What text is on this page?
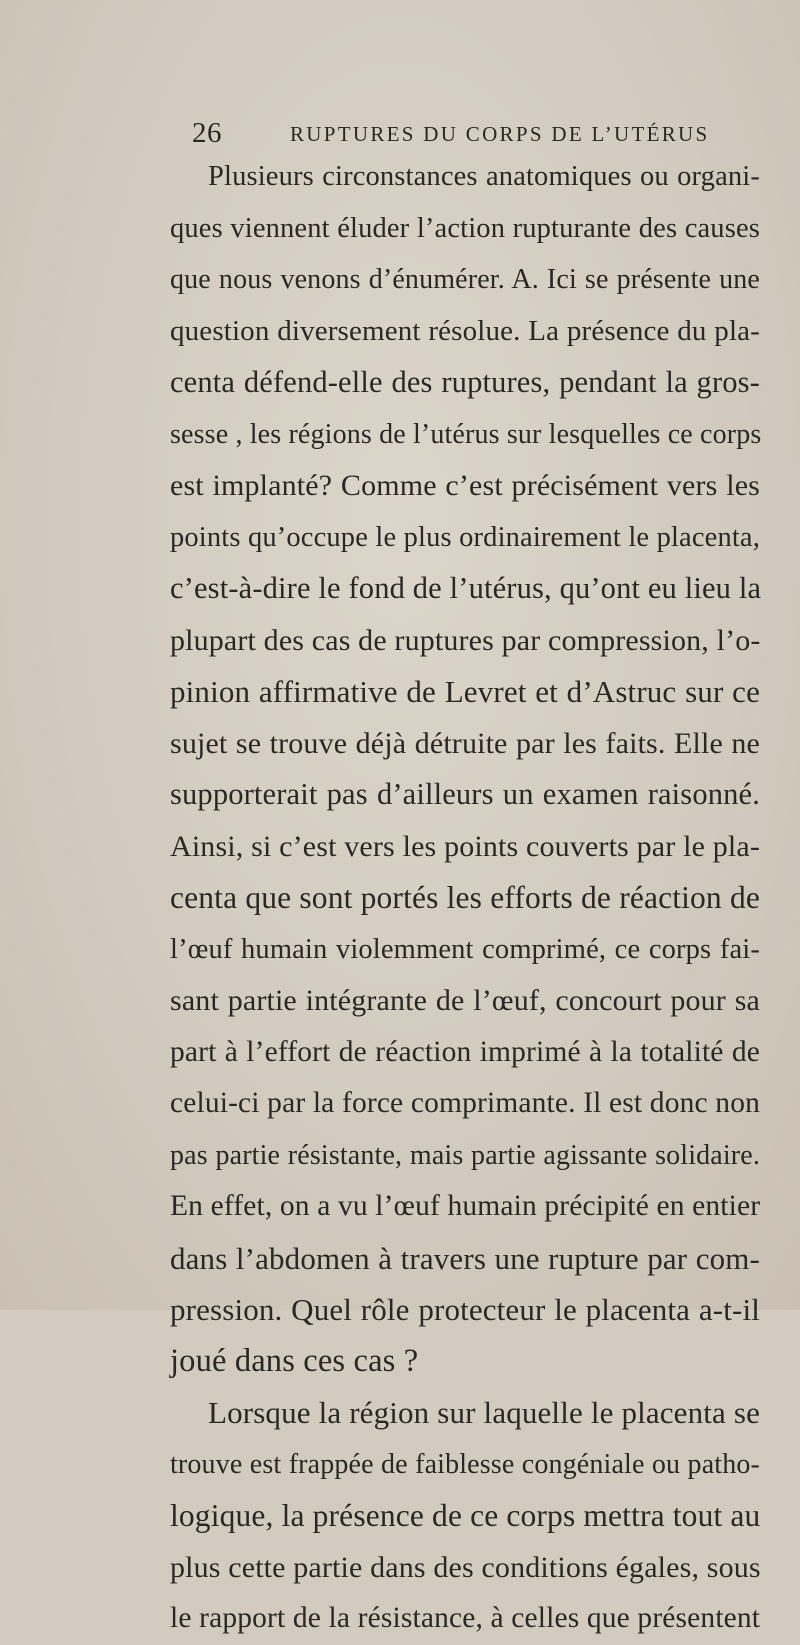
26	RUPTURES DU CORPS DE L’UTÉRUS
Plusieurs circonstances anatomiques ou organi-
ques viennent éluder l’action rupturante des causes
que nous venons d’énumérer. A. Ici se présente une
question diversement résolue. La présence du pla-
centa défend-elle des ruptures, pendant la gros-
sesse , les régions de l’utérus sur lesquelles ce corps
est implanté? Comme c’est précisément vers les
points qu’occupe le plus ordinairement le placenta,
c’est-à-dire le fond de l’utérus, qu’ont eu lieu la
plupart des cas de ruptures par compression, l’o-
pinion affirmative de Levret et d’Astruc sur ce
sujet se trouve déjà détruite par les faits. Elle ne
supporterait pas d’ailleurs un examen raisonné.
Ainsi, si c’est vers les points couverts par le pla-
centa que sont portés les efforts de réaction de
l’œuf humain violemment comprimé, ce corps fai-
sant partie intégrante de l’œuf, concourt pour sa
part à l’effort de réaction imprimé à la totalité de
celui-ci par la force comprimante. Il est donc non
pas partie résistante, mais partie agissante solidaire.
En effet, on a vu l’œuf humain précipité en entier
dans l’abdomen à travers une rupture par com-
pression. Quel rôle protecteur le placenta a-t-il
joué dans ces cas ?
Lorsque la région sur laquelle le placenta se
trouve est frappée de faiblesse congéniale ou patho-
logique, la présence de ce corps mettra tout au
plus cette partie dans des conditions égales, sous
le rapport de la résistance, à celles que présentent
